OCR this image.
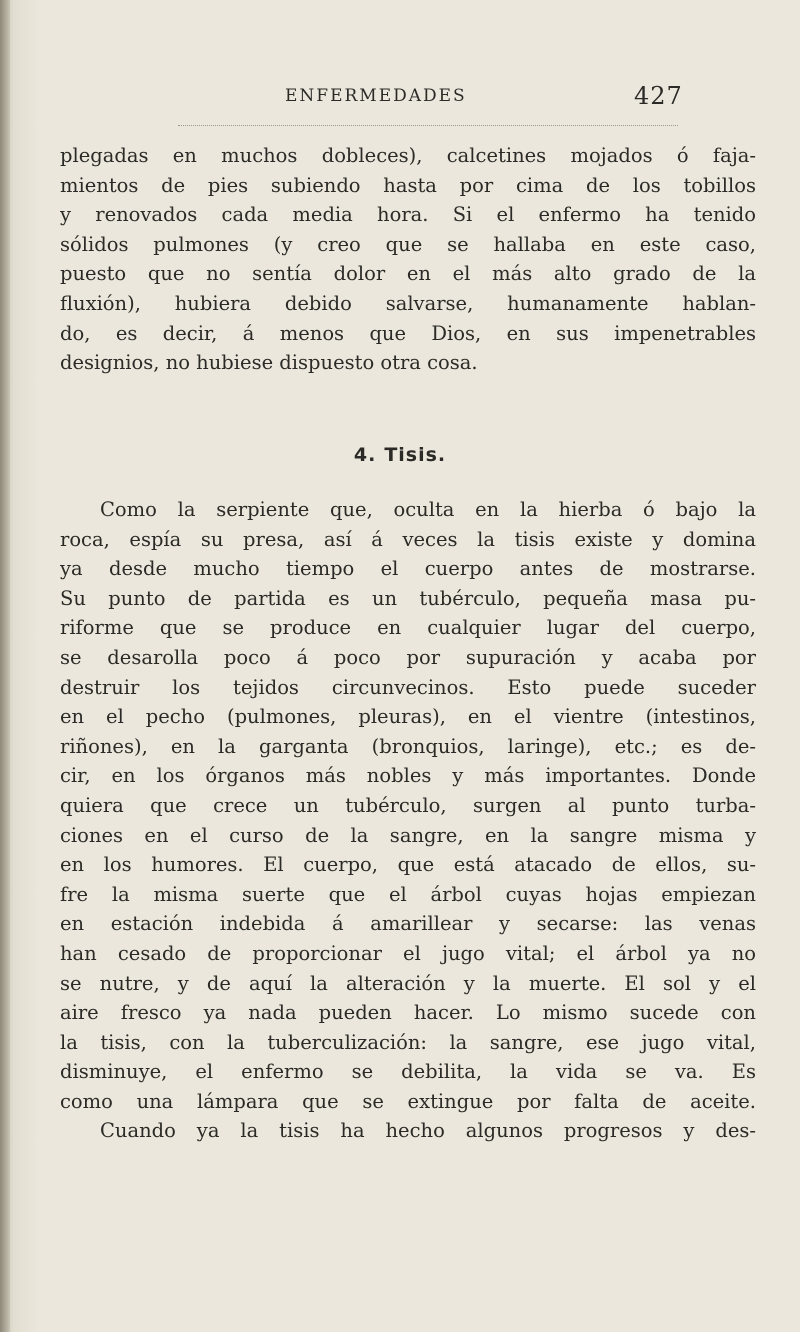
ENFERMEDADES	427
plegadas en muchos dobleces), calcetines mojados ó faja-
mientos de pies subiendo hasta por cima de los tobillos
y renovados cada media hora. Si el enfermo ha tenido
sólidos pulmones (y creo que se hallaba en este caso,
puesto que no sentía dolor en el más alto grado de la
fluxión), hubiera debido salvarse, humanamente hablan-
do, es decir, á menos que Dios, en sus impenetrables
designios, no hubiese dispuesto otra cosa.
4. Tisis.
Como la serpiente que, oculta en la hierba ó bajo la
roca, espía su presa, así á veces la tisis existe y domina
ya desde mucho tiempo el cuerpo antes de mostrarse.
Su punto de partida es un tubérculo, pequeña masa pu-
riforme que se produce en cualquier lugar del cuerpo,
se desarolla poco á poco por supuración y acaba por
destruir los tejidos circunvecinos. Esto puede suceder
en el pecho (pulmones, pleuras), en el vientre (intestinos,
riñones), en la garganta (bronquios, laringe), etc.; es de-
cir, en los órganos más nobles y más importantes. Donde
quiera que crece un tubérculo, surgen al punto turba-
ciones en el curso de la sangre, en la sangre misma y
en los humores. El cuerpo, que está atacado de ellos, su-
fre la misma suerte que el árbol cuyas hojas empiezan
en estación indebida á amarillear y secarse: las venas
han cesado de proporcionar el jugo vital; el árbol ya no
se nutre, y de aquí la alteración y la muerte. El sol y el
aire fresco ya nada pueden hacer. Lo mismo sucede con
la tisis, con la tuberculización: la sangre, ese jugo vital,
disminuye, el enfermo se debilita, la vida se va. Es
como una lámpara que se extingue por falta de aceite.
Cuando ya la tisis ha hecho algunos progresos y des-
